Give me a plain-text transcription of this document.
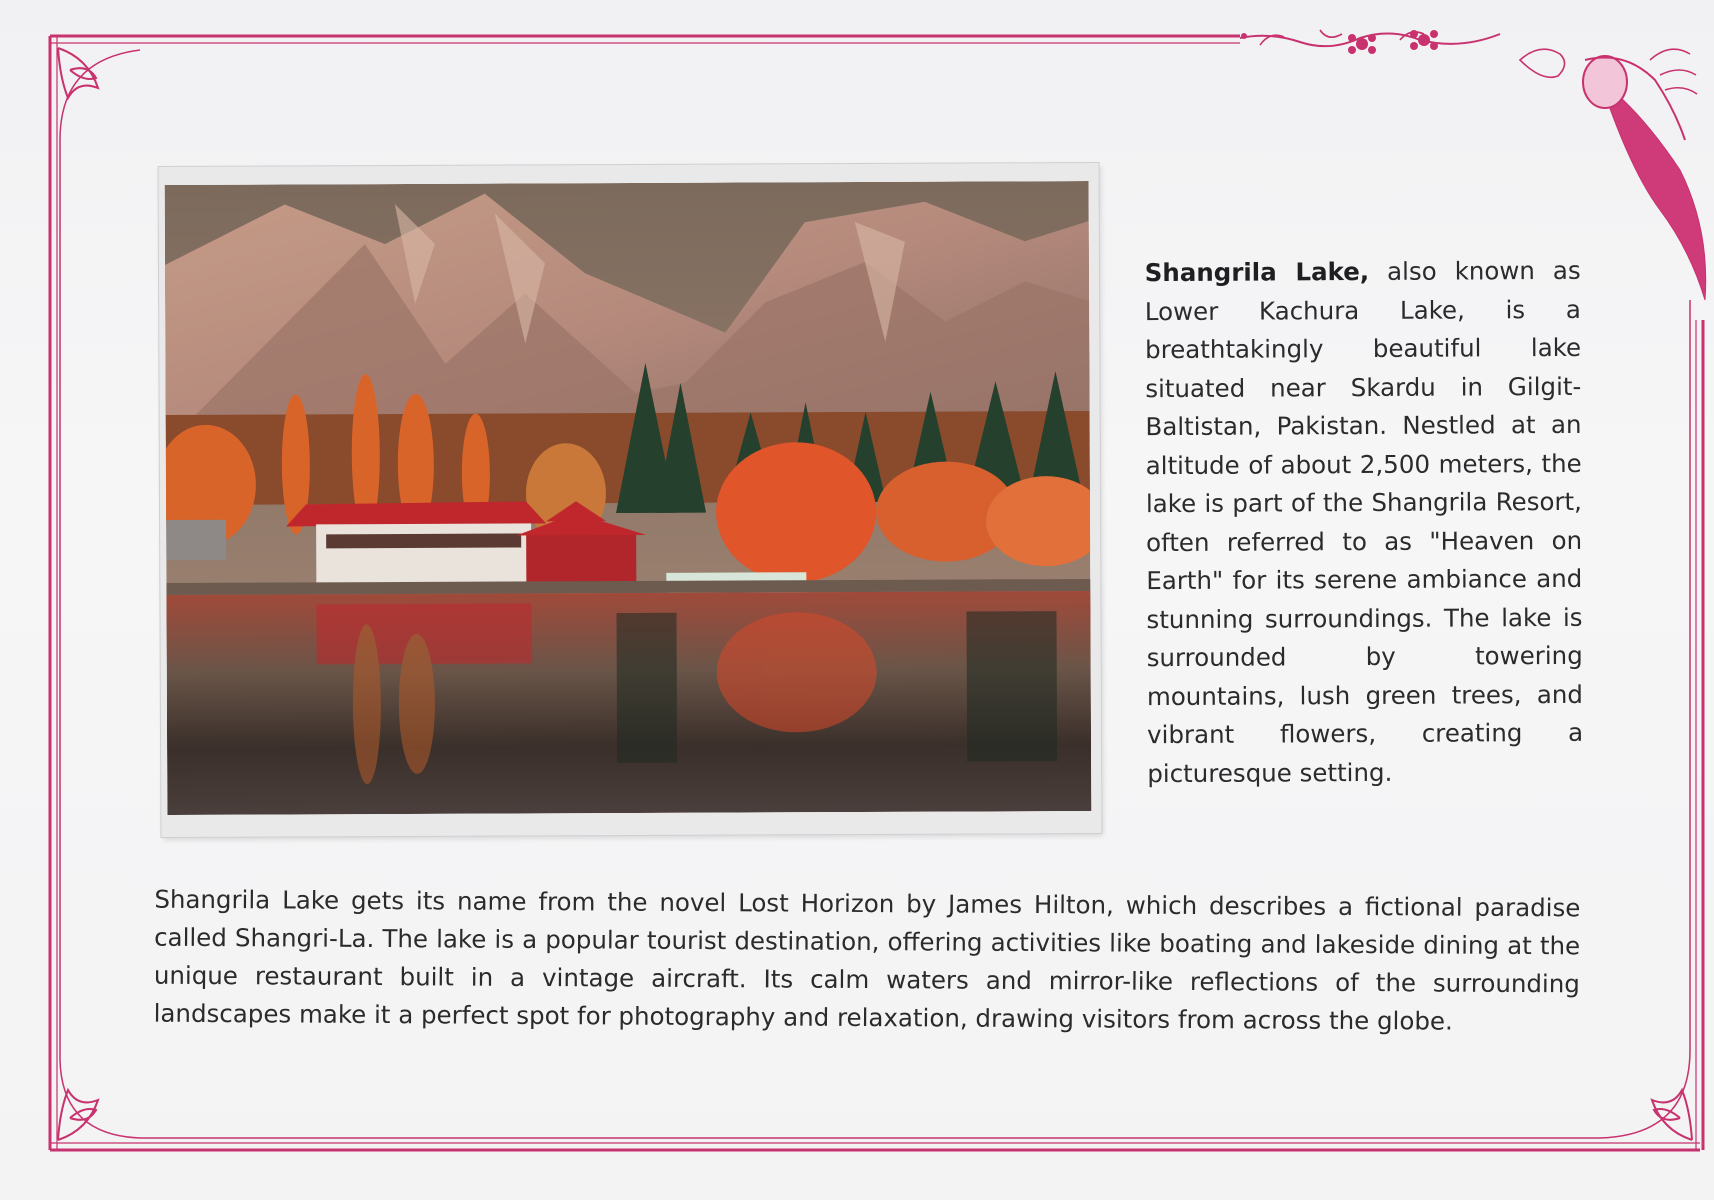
Shangrila Lake, also known as Lower Kachura Lake, is a breathtakingly beautiful lake situated near Skardu in Gilgit-Baltistan, Pakistan. Nestled at an altitude of about 2,500 meters, the lake is part of the Shangrila Resort, often referred to as "Heaven on Earth" for its serene ambiance and stunning surroundings. The lake is surrounded by towering mountains, lush green trees, and vibrant flowers, creating a picturesque setting.

Shangrila Lake gets its name from the novel Lost Horizon by James Hilton, which describes a fictional paradise called Shangri-La. The lake is a popular tourist destination, offering activities like boating and lakeside dining at the unique restaurant built in a vintage aircraft. Its calm waters and mirror-like reflections of the surrounding landscapes make it a perfect spot for photography and relaxation, drawing visitors from across the globe.
